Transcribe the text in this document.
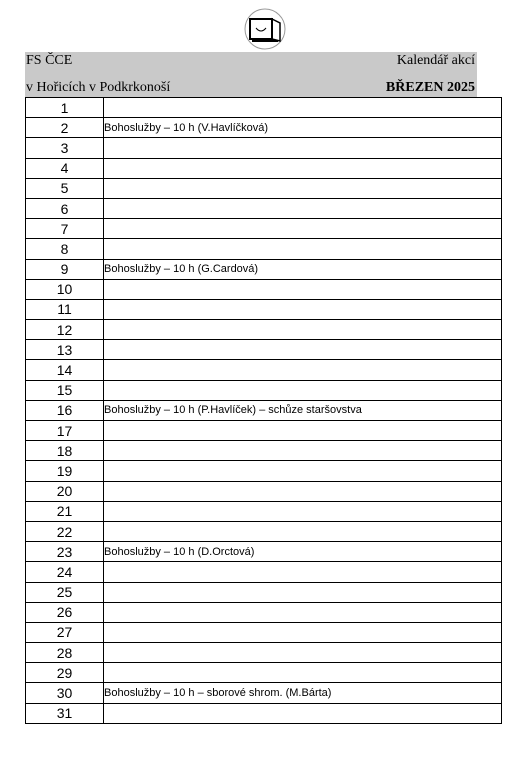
FS ČCE
v Hořicích v Podkrkonoší
Kalendář akcí
BŘEZEN 2025
1	
2	Bohoslužby – 10 h (V.Havlíčková)
3	
4	
5	
6	
7	
8	
9	Bohoslužby – 10 h (G.Cardová)
10	
11	
12	
13	
14	
15	
16	Bohoslužby – 10 h (P.Havlíček) – schůze staršovstva
17	
18	
19	
20	
21	
22	
23	Bohoslužby – 10 h (D.Orctová)
24	
25	
26	
27	
28	
29	
30	Bohoslužby – 10 h – sborové shrom. (M.Bárta)
31	
